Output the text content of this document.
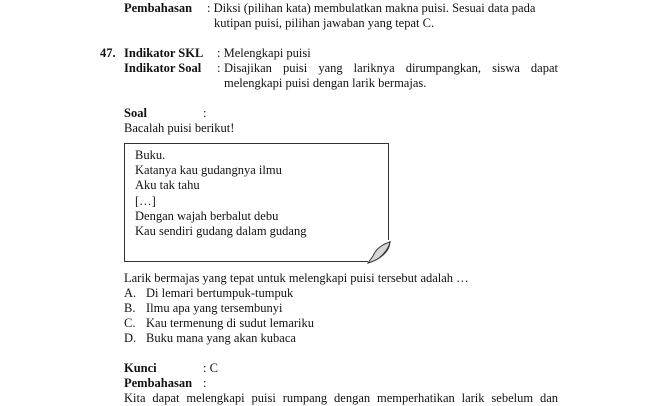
Pembahasan : Diksi (pilihan kata) membulatkan makna puisi. Sesuai data pada
kutipan puisi, pilihan jawaban yang tepat C.
47. Indikator SKL : Melengkapi puisi
Indikator Soal : Disajikan puisi yang lariknya dirumpangkan, siswa dapat
melengkapi puisi dengan larik bermajas.
Soal	:
Bacalah puisi berikut!
Buku.
Katanya kau gudangnya ilmu
Aku tak tahu
[…]
Dengan wajah berbalut debu
Kau sendiri gudang dalam gudang
Larik bermajas yang tepat untuk melengkapi puisi tersebut adalah …
A. Di lemari bertumpuk-tumpuk
B. Ilmu apa yang tersembunyi
C. Kau termenung di sudut lemariku
D. Buku mana yang akan kubaca
Kunci	: C
Pembahasan :
Kita dapat melengkapi puisi rumpang dengan memperhatikan larik sebelum dan
